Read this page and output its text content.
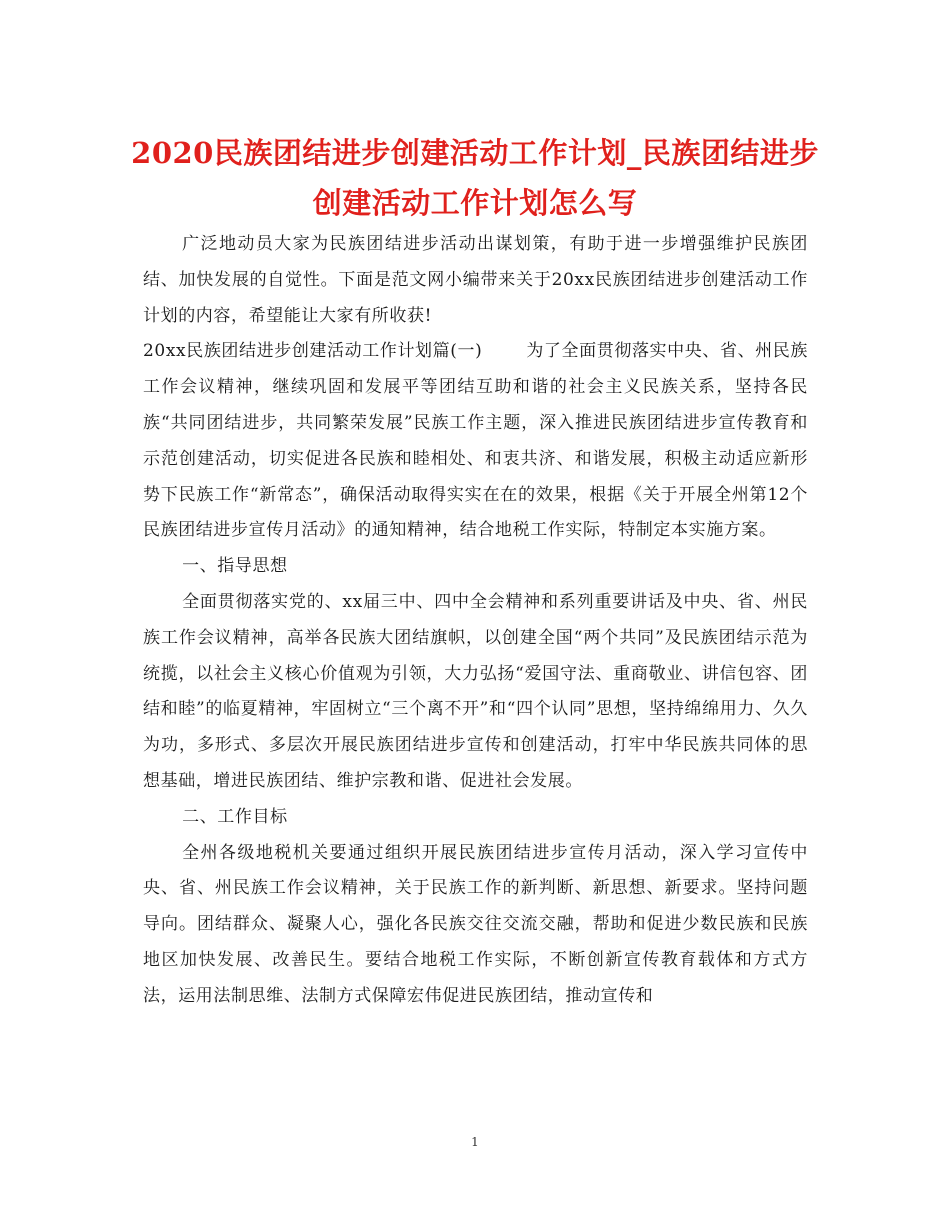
2020民族团结进步创建活动工作计划_民族团结进步创建活动工作计划怎么写

广泛地动员大家为民族团结进步活动出谋划策，有助于进一步增强维护民族团结、加快发展的自觉性。下面是范文网小编带来关于20xx民族团结进步创建活动工作计划的内容，希望能让大家有所收获!

20xx民族团结进步创建活动工作计划篇(一)	为了全面贯彻落实中央、省、州民族工作会议精神，继续巩固和发展平等团结互助和谐的社会主义民族关系，坚持各民族“共同团结进步，共同繁荣发展”民族工作主题，深入推进民族团结进步宣传教育和示范创建活动，切实促进各民族和睦相处、和衷共济、和谐发展，积极主动适应新形势下民族工作“新常态”，确保活动取得实实在在的效果，根据《关于开展全州第12个民族团结进步宣传月活动》的通知精神，结合地税工作实际，特制定本实施方案。

一、指导思想

全面贯彻落实党的、xx届三中、四中全会精神和系列重要讲话及中央、省、州民族工作会议精神，高举各民族大团结旗帜，以创建全国“两个共同”及民族团结示范为统揽，以社会主义核心价值观为引领，大力弘扬“爱国守法、重商敬业、讲信包容、团结和睦”的临夏精神，牢固树立“三个离不开”和“四个认同”思想，坚持绵绵用力、久久为功，多形式、多层次开展民族团结进步宣传和创建活动，打牢中华民族共同体的思想基础，增进民族团结、维护宗教和谐、促进社会发展。

二、工作目标

全州各级地税机关要通过组织开展民族团结进步宣传月活动，深入学习宣传中央、省、州民族工作会议精神，关于民族工作的新判断、新思想、新要求。坚持问题导向。团结群众、凝聚人心，强化各民族交往交流交融，帮助和促进少数民族和民族地区加快发展、改善民生。要结合地税工作实际，不断创新宣传教育载体和方式方法，运用法制思维、法制方式保障宏伟促进民族团结，推动宣传和

1
